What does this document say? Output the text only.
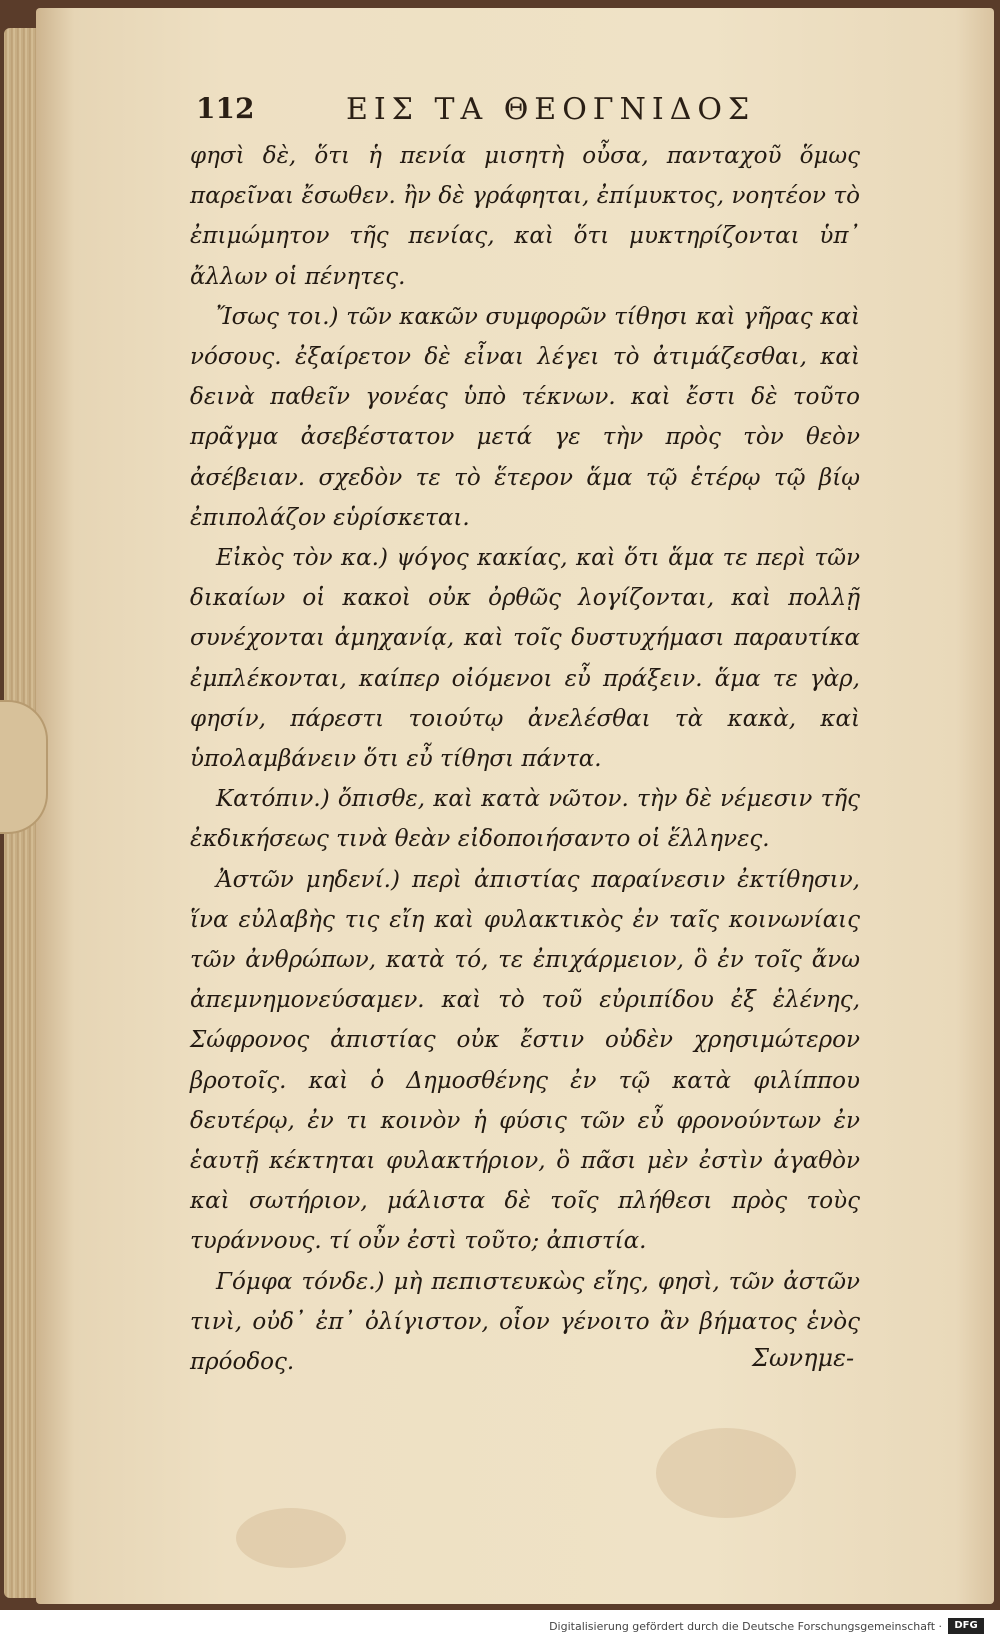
112	ΕΙΣ ΤΑ ΘΕΟΓΝΙΔΟΣ

φησὶ δὲ, ὅτι ἡ πενία μισητὴ οὖσα, πανταχοῦ ὅμως παρεῖναι ἔσωθεν. ἢν δὲ γράφηται, ἐπίμυκτος, νοητέον τὸ ἐπιμώμητον τῆς πενίας, καὶ ὅτι μυκτηρίζονται ὑπ᾽ ἄλλων οἱ πένητες.

Ἴσως τοι.) τῶν κακῶν συμφορῶν τίθησι καὶ γῆρας καὶ νόσους. ἐξαίρετον δὲ εἶναι λέγει τὸ ἀτιμάζεσθαι, καὶ δεινὰ παθεῖν γονέας ὑπὸ τέκνων. καὶ ἔστι δὲ τοῦτο πρᾶγμα ἀσεβέστατον μετά γε τὴν πρὸς τὸν θεὸν ἀσέβειαν. σχεδὸν τε τὸ ἕτερον ἅμα τῷ ἑτέρῳ τῷ βίῳ ἐπιπολάζον εὑρίσκεται.

Εἰκὸς τὸν κα.) ψόγος κακίας, καὶ ὅτι ἅμα τε περὶ τῶν δικαίων οἱ κακοὶ οὐκ ὀρθῶς λογίζονται, καὶ πολλῇ συνέχονται ἀμηχανίᾳ, καὶ τοῖς δυστυχήμασι παραυτίκα ἐμπλέκονται, καίπερ οἰόμενοι εὖ πράξειν. ἅμα τε γὰρ, φησίν, πάρεστι τοιούτῳ ἀνελέσθαι τὰ κακὰ, καὶ ὑπολαμβάνειν ὅτι εὖ τίθησι πάντα.

Κατόπιν.) ὄπισθε, καὶ κατὰ νῶτον. τὴν δὲ νέμεσιν τῆς ἐκδικήσεως τινὰ θεὰν εἰδοποιήσαντο οἱ ἕλληνες.

Ἀστῶν μηδενί.) περὶ ἀπιστίας παραίνεσιν ἐκτίθησιν, ἵνα εὐλαβὴς τις εἴη καὶ φυλακτικὸς ἐν ταῖς κοινωνίαις τῶν ἀνθρώπων, κατὰ τό, τε ἐπιχάρμειον, ὃ ἐν τοῖς ἄνω ἀπεμνημονεύσαμεν. καὶ τὸ τοῦ εὐριπίδου ἐξ ἑλένης, Σώφρονος ἀπιστίας οὐκ ἔστιν οὐδὲν χρησιμώτερον βροτοῖς. καὶ ὁ Δημοσθένης ἐν τῷ κατὰ φιλίππου δευτέρῳ, ἐν τι κοινὸν ἡ φύσις τῶν εὖ φρονούντων ἐν ἑαυτῇ κέκτηται φυλακτήριον, ὃ πᾶσι μὲν ἐστὶν ἀγαθὸν καὶ σωτήριον, μάλιστα δὲ τοῖς πλήθεσι πρὸς τοὺς τυράννους. τί οὖν ἐστὶ τοῦτο; ἀπιστία.

Γόμφα τόνδε.) μὴ πεπιστευκὼς εἴης, φησὶ, τῶν ἀστῶν τινὶ, οὐδ᾽ ἐπ᾽ ὀλίγιστον, οἷον γένοιτο ἂν βήματος ἑνὸς πρόοδος.	Σωνημε-
Digitalisierung gefördert durch die Deutsche Forschungsgemeinschaft ·	DFG
